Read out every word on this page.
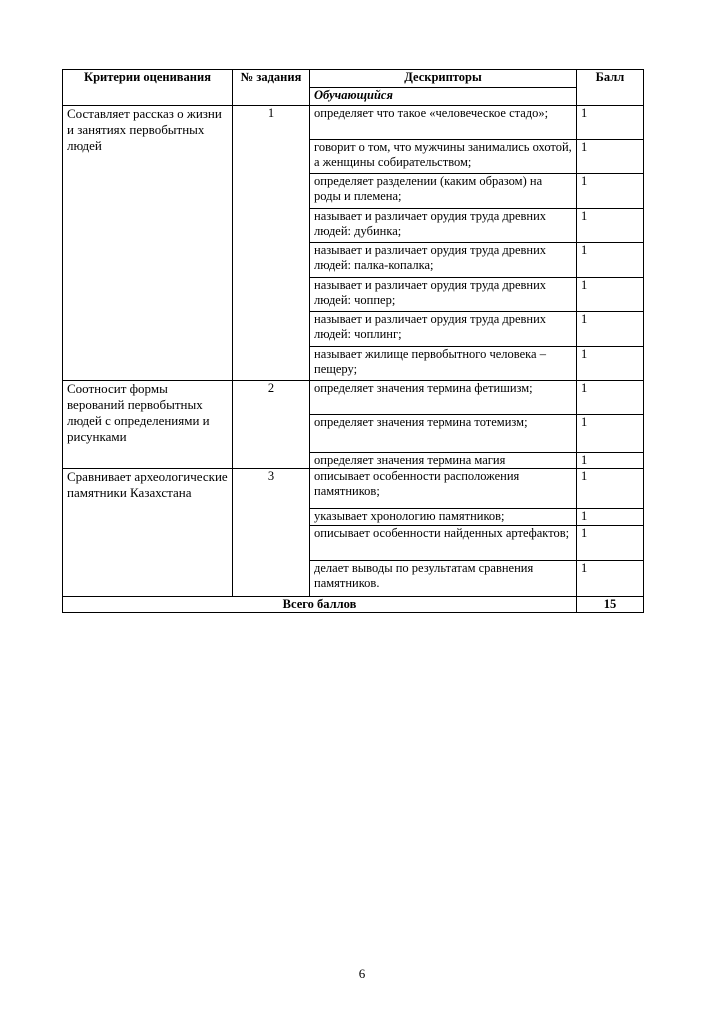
Критерии оценивания	№ задания	Дескрипторы	Балл
		Обучающийся	
Составляет рассказ о жизни и занятиях первобытных людей	1	определяет что такое «человеческое стадо»;	1
		говорит о том, что мужчины занимались охотой, а женщины собирательством;	1
		определяет разделении (каким образом) на роды и племена;	1
		называет и различает орудия труда древних людей: дубинка;	1
		называет и различает орудия труда древних людей: палка-копалка;	1
		называет и различает орудия труда древних людей: чоппер;	1
		называет и различает орудия труда древних людей: чоплинг;	1
		называет жилище первобытного человека –пещеру;	1
Соотносит формы верований первобытных людей с определениями и рисунками	2	определяет значения термина фетишизм;	1
		определяет значения термина тотемизм;	1
		определяет значения термина магия	1
Сравнивает археологические памятники Казахстана	3	описывает особенности расположения памятников;	1
		указывает хронологию памятников;	1
		описывает особенности найденных артефактов;	1
		делает выводы по результатам сравнения памятников.	1
Всего баллов			15
6
